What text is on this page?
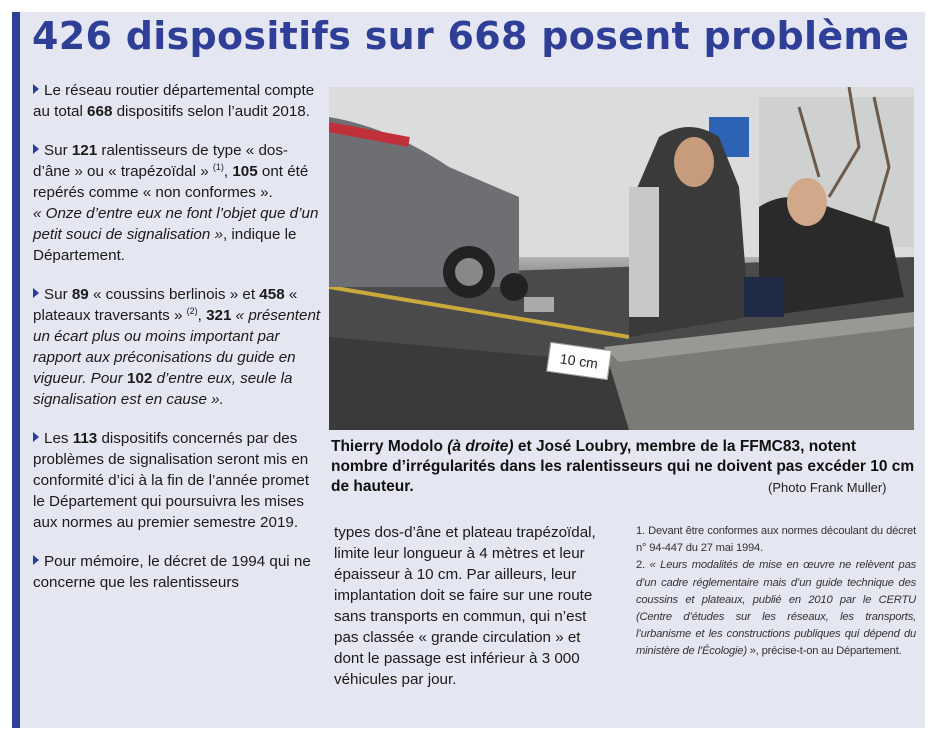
426 dispositifs sur 668 posent problème

Le réseau routier départemental compte au total 668 dispositifs selon l’audit 2018.

Sur 121 ralentisseurs de type « dos-d’âne » ou « trapézoïdal » $^{(1)}$, 105 ont été repérés comme « non conformes ».
« Onze d’entre eux ne font l’objet que d’un petit souci de signalisation », indique le Département.

Sur 89 « coussins berlinois » et 458 « plateaux traversants » $^{(2)}$, 321 « présentent un écart plus ou moins important par rapport aux préconisations du guide en vigueur. Pour 102 d’entre eux, seule la signalisation est en cause ».

Les 113 dispositifs concernés par des problèmes de signalisation seront mis en conformité d’ici à la fin de l’année promet le Département qui poursuivra les mises aux normes au premier semestre 2019.

Pour mémoire, le décret de 1994 qui ne concerne que les ralentisseurs

10 cm
Thierry Modolo (à droite) et José Loubry, membre de la FFMC83, notent nombre d’irrégularités dans les ralentisseurs qui ne doivent pas excéder 10 cm de hauteur.	(Photo Frank Muller)
types dos-d’âne et plateau trapézoïdal, limite leur longueur à 4 mètres et leur épaisseur à 10 cm. Par ailleurs, leur implantation doit se faire sur une route sans transports en commun, qui n’est pas classée « grande circulation » et dont le passage est inférieur à 3 000 véhicules par jour.

1. Devant être conformes aux normes découlant du décret n° 94-447 du 27 mai 1994.

2. « Leurs modalités de mise en œuvre ne relèvent pas d’un cadre réglementaire mais d’un guide technique des coussins et plateaux, publié en 2010 par le CERTU (Centre d’études sur les réseaux, les transports, l’urbanisme et les constructions publiques qui dépend du ministère de l’Écologie) », précise-t-on au Département.
